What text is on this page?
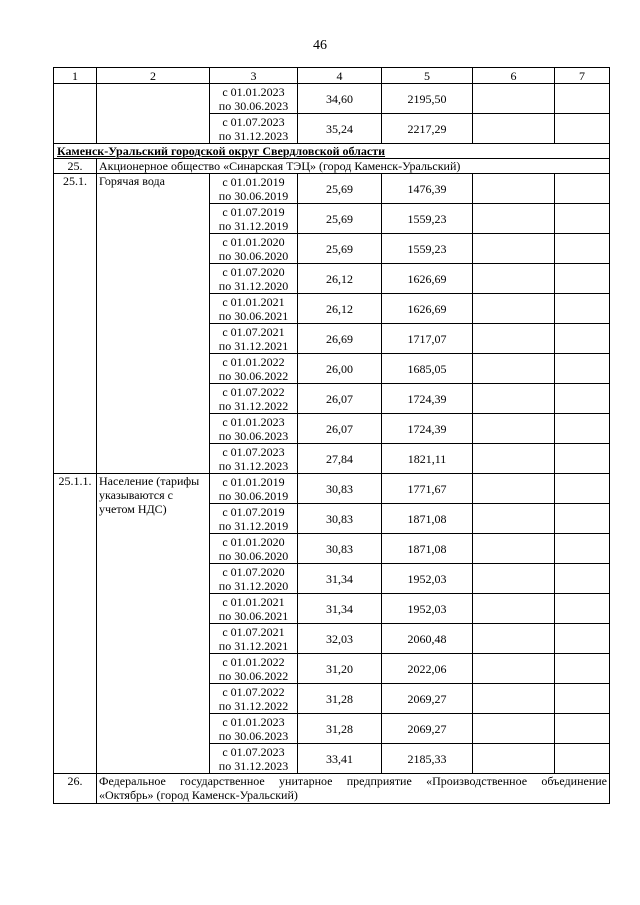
46
1	2	3	4	5	6	7
		с 01.01.2023
по 30.06.2023	34,60	2195,50		
		с 01.07.2023
по 31.12.2023	35,24	2217,29		
Каменск-Уральский городской округ Свердловской области						
25.	Акционерное общество «Синарская ТЭЦ» (город Каменск-Уральский)					
25.1.	Горячая вода	с 01.01.2019
по 30.06.2019	25,69	1476,39		
		с 01.07.2019
по 31.12.2019	25,69	1559,23		
		с 01.01.2020
по 30.06.2020	25,69	1559,23		
		с 01.07.2020
по 31.12.2020	26,12	1626,69		
		с 01.01.2021
по 30.06.2021	26,12	1626,69		
		с 01.07.2021
по 31.12.2021	26,69	1717,07		
		с 01.01.2022
по 30.06.2022	26,00	1685,05		
		с 01.07.2022
по 31.12.2022	26,07	1724,39		
		с 01.01.2023
по 30.06.2023	26,07	1724,39		
		с 01.07.2023
по 31.12.2023	27,84	1821,11		
25.1.1.	Население (тарифы указываются с учетом НДС)	с 01.01.2019
по 30.06.2019	30,83	1771,67		
		с 01.07.2019
по 31.12.2019	30,83	1871,08		
		с 01.01.2020
по 30.06.2020	30,83	1871,08		
		с 01.07.2020
по 31.12.2020	31,34	1952,03		
		с 01.01.2021
по 30.06.2021	31,34	1952,03		
		с 01.07.2021
по 31.12.2021	32,03	2060,48		
		с 01.01.2022
по 30.06.2022	31,20	2022,06		
		с 01.07.2022
по 31.12.2022	31,28	2069,27		
		с 01.01.2023
по 30.06.2023	31,28	2069,27		
		с 01.07.2023
по 31.12.2023	33,41	2185,33		
26.	Федеральное государственное унитарное предприятие «Производственное объединение
«Октябрь» (город Каменск-Уральский)					
